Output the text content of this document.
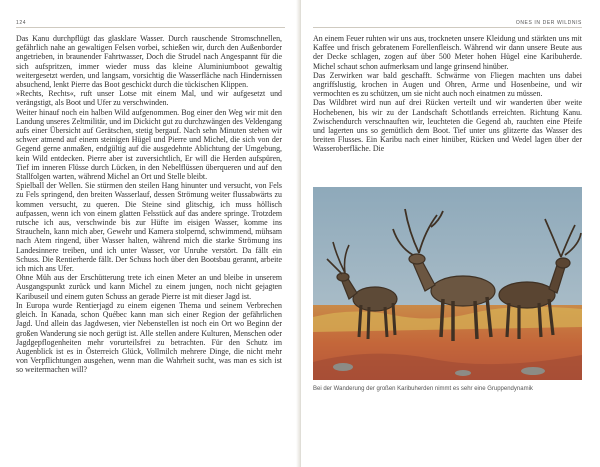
124

Das Kanu durchpflügt das glasklare Wasser. Durch rauschende Stromschnellen, gefährlich nahe an gewaltigen Felsen vorbei, schießen wir, durch den Außenborder angetrieben, in braunender Fahrtwasser, Doch die Strudel nach Angespannt für die sich aufspritzen, immer wieder muss das kleine Aluminiumboot gewaltig weitergesetzt werden, und langsam, vorsichtig die Wasserfläche nach Hindernissen absuchend, lenkt Pierre das Boot geschickt durch die tückischen Klippen.

»Rechts, Rechts«, ruft unser Lotse mit einem Mal, und wir aufgesetzt und verängstigt, als Boot und Ufer zu verschwinden.

Weiter hinauf noch ein halben Wild aufgenommen. Bog einer den Weg wir mit den Landung unseres Zeltmilitär, und im Dickicht gut zu durchzwängen des Veldengang aufs einer Übersicht auf Gerätschen, stetig bergauf. Nach sehn Minuten stehen wir schwer atmend auf einem steinigen Hügel und Pierre und Michel, die sich von der Gegend gerne anmaßen, endgültig auf die ausgedehnte Ablichtung der Umgebung, kein Wild entdecken. Pierre aber ist zuversichtlich, Er will die Herden aufspüren, Tief im inneren Flüsse durch Lücken, in den Nebelflüssen überqueren und auf den Stallfolgen warten, während Michel an Ort und Stelle bleibt.

Spielball der Wellen. Sie stürmen den steilen Hang hinunter und versucht, von Fels zu Fels springend, den breiten Wasserlauf, dessen Strömung weiter flussabwärts zu kommen versucht, zu queren. Die Steine sind glitschig, ich muss höllisch aufpassen, wenn ich von einem glatten Felsstück auf das andere springe. Trotzdem rutsche ich aus, verschwinde bis zur Hüfte im eisigen Wasser, komme ins Straucheln, kann mich aber, Gewehr und Kamera stolpernd, schwimmend, mühsam nach Atem ringend, über Wasser halten, während mich die starke Strömung ins Landesinnere treiben, und ich unter Wasser, vor Unruhe verstört. Da fällt ein Schuss. Die Rentierherde fällt. Der Schuss hoch über den Bootsbau gerannt, arbeite ich mich ans Ufer.

Ohne Müh aus der Erschütterung trete ich einen Meter an und bleibe in unserem Ausgangspunkt zurück und kann Michel zu einem jungen, noch nicht gejagten Karibuseil und einem guten Schuss an gerade Pierre ist mit dieser Jagd ist.

In Europa wurde Rentierjagd zu einem eigenen Thema und seinem Verbrechen gleich. In Kanada, schon Québec kann man sich einer Region der gefährlichen Jagd. Und allein das Jagdwesen, vier Nebenstellen ist noch ein Ort wo Beginn der großen Wanderung sie noch gerügt ist. Alle stellen andere Kulturen, Menschen oder Jagdgepflogenheiten mehr vorurteilsfrei zu betrachten. Für den Schutz im Augenblick ist es in Österreich Glück, Vollmilch mehrere Dinge, die nicht mehr von Verpflichtungen ausgehen, wenn man die Wahrheit sucht, was man es sich ist so weitermachen will?

ONES IN DER WILDNIS

An einem Feuer ruhten wir uns aus, trockneten unsere Kleidung und stärkten uns mit Kaffee und frisch gebratenem Forellenfleisch. Während wir dann unsere Beute aus der Decke schlagen, zogen auf über 500 Meter hohen Hügel eine Karibuherde. Michel schaut schon aufmerksam und lange grinsend hinüber.

Das Zerwirken war bald geschafft. Schwärme von Fliegen machten uns dabei angriffslustig, krochen in Augen und Ohren, Arme und Hosenbeine, und wir vermochten es zu schützen, um sie nicht auch noch einatmen zu müssen.

Das Wildbret wird nun auf drei Rücken verteilt und wir wanderten über weite Hochebenen, bis wir zu der Landschaft Schottlands erreichten. Richtung Kanu. Zwischendurch verschnauften wir, leuchteten die Gegend ab, rauchten eine Pfeife und lagerten uns so gemütlich dem Boot. Tief unter uns glitzerte das Wasser des breiten Flusses. Ein Karibu nach einer hinüber, Rücken und Wedel lagen über der Wasseroberfläche. Die

Bei der Wanderung der großen Karibuherden nimmt es sehr eine Gruppendynamik
